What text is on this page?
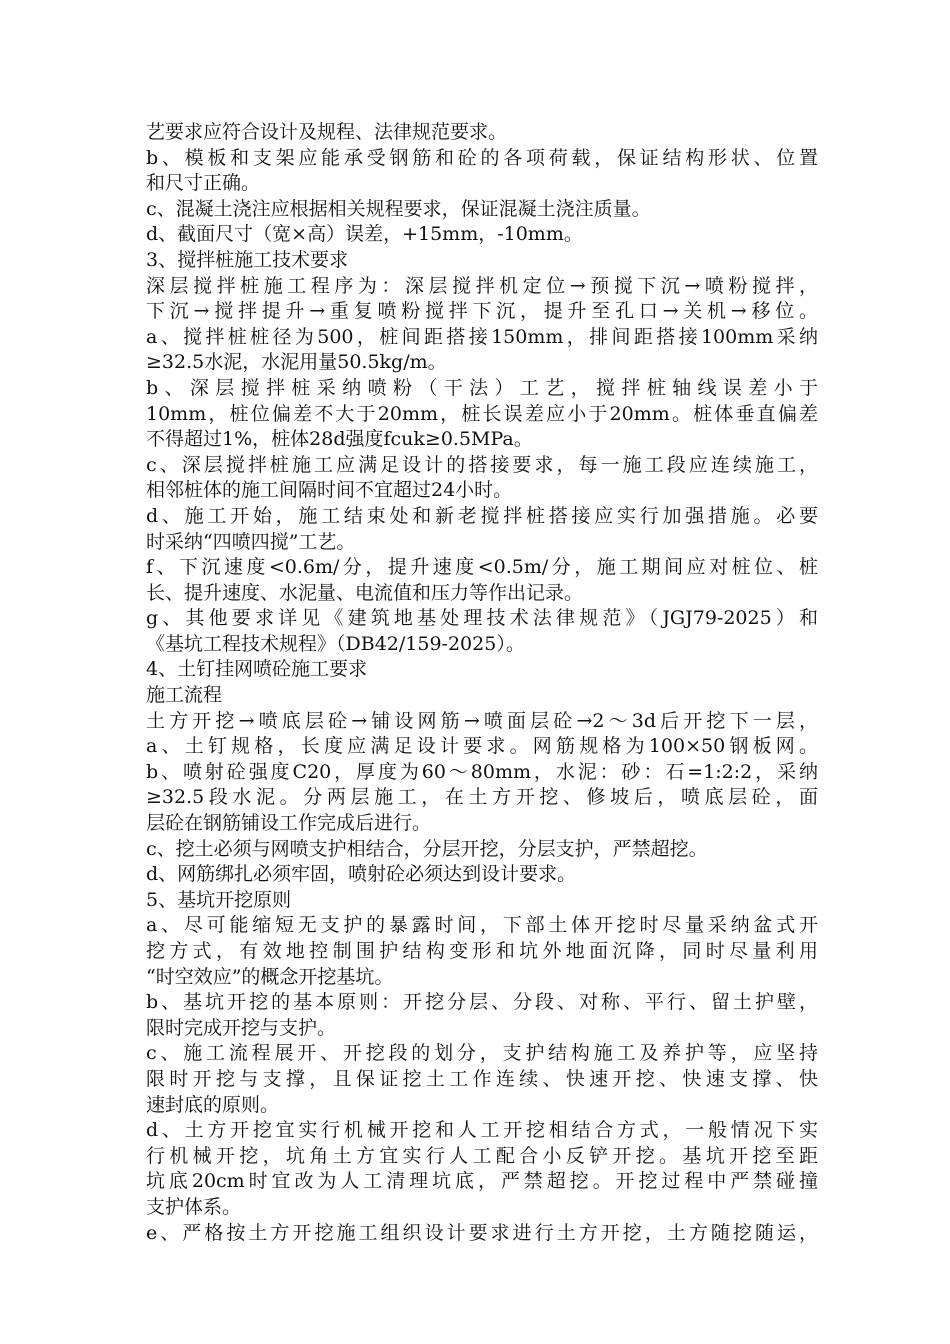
艺要求应符合设计及规程、法律规范要求。
b、模板和支架应能承受钢筋和砼的各项荷载，保证结构形状、位置
和尺寸正确。
c、混凝土浇注应根据相关规程要求，保证混凝土浇注质量。
d、截面尺寸（宽×高）误差，+15mm，-10mm。
3、搅拌桩施工技术要求
深层搅拌桩施工程序为：深层搅拌机定位→预搅下沉→喷粉搅拌，
下沉→搅拌提升→重复喷粉搅拌下沉，提升至孔口→关机→移位。
a、搅拌桩桩径为500，桩间距搭接150mm，排间距搭接100mm采纳
≥32.5水泥，水泥用量50.5kg/m。
b、深层搅拌桩采纳喷粉（干法）工艺，搅拌桩轴线误差小于
10mm，桩位偏差不大于20mm，桩长误差应小于20mm。桩体垂直偏差
不得超过1%，桩体28d强度fcuk≥0.5MPa。
c、深层搅拌桩施工应满足设计的搭接要求，每一施工段应连续施工，
相邻桩体的施工间隔时间不宜超过24小时。
d、施工开始，施工结束处和新老搅拌桩搭接应实行加强措施。必要
时采纳“四喷四搅”工艺。
f、下沉速度<0.6m/分，提升速度<0.5m/分，施工期间应对桩位、桩
长、提升速度、水泥量、电流值和压力等作出记录。
g、其他要求详见《建筑地基处理技术法律规范》（JGJ79-2025）和
《基坑工程技术规程》（DB42/159-2025）。
4、土钉挂网喷砼施工要求
施工流程
土方开挖→喷底层砼→铺设网筋→喷面层砼→2～3d后开挖下一层，
a、土钉规格，长度应满足设计要求。网筋规格为100×50钢板网。
b、喷射砼强度C20，厚度为60～80mm，水泥：砂：石=1:2:2，采纳
≥32.5段水泥。分两层施工，在土方开挖、修坡后，喷底层砼，面
层砼在钢筋铺设工作完成后进行。
c、挖土必须与网喷支护相结合，分层开挖，分层支护，严禁超挖。
d、网筋绑扎必须牢固，喷射砼必须达到设计要求。
5、基坑开挖原则
a、尽可能缩短无支护的暴露时间，下部土体开挖时尽量采纳盆式开
挖方式，有效地控制围护结构变形和坑外地面沉降，同时尽量利用
“时空效应”的概念开挖基坑。
b、基坑开挖的基本原则：开挖分层、分段、对称、平行、留土护壁，
限时完成开挖与支护。
c、施工流程展开、开挖段的划分，支护结构施工及养护等，应坚持
限时开挖与支撑，且保证挖土工作连续、快速开挖、快速支撑、快
速封底的原则。
d、土方开挖宜实行机械开挖和人工开挖相结合方式，一般情况下实
行机械开挖，坑角土方宜实行人工配合小反铲开挖。基坑开挖至距
坑底20cm时宜改为人工清理坑底，严禁超挖。开挖过程中严禁碰撞
支护体系。
e、严格按土方开挖施工组织设计要求进行土方开挖，土方随挖随运，
